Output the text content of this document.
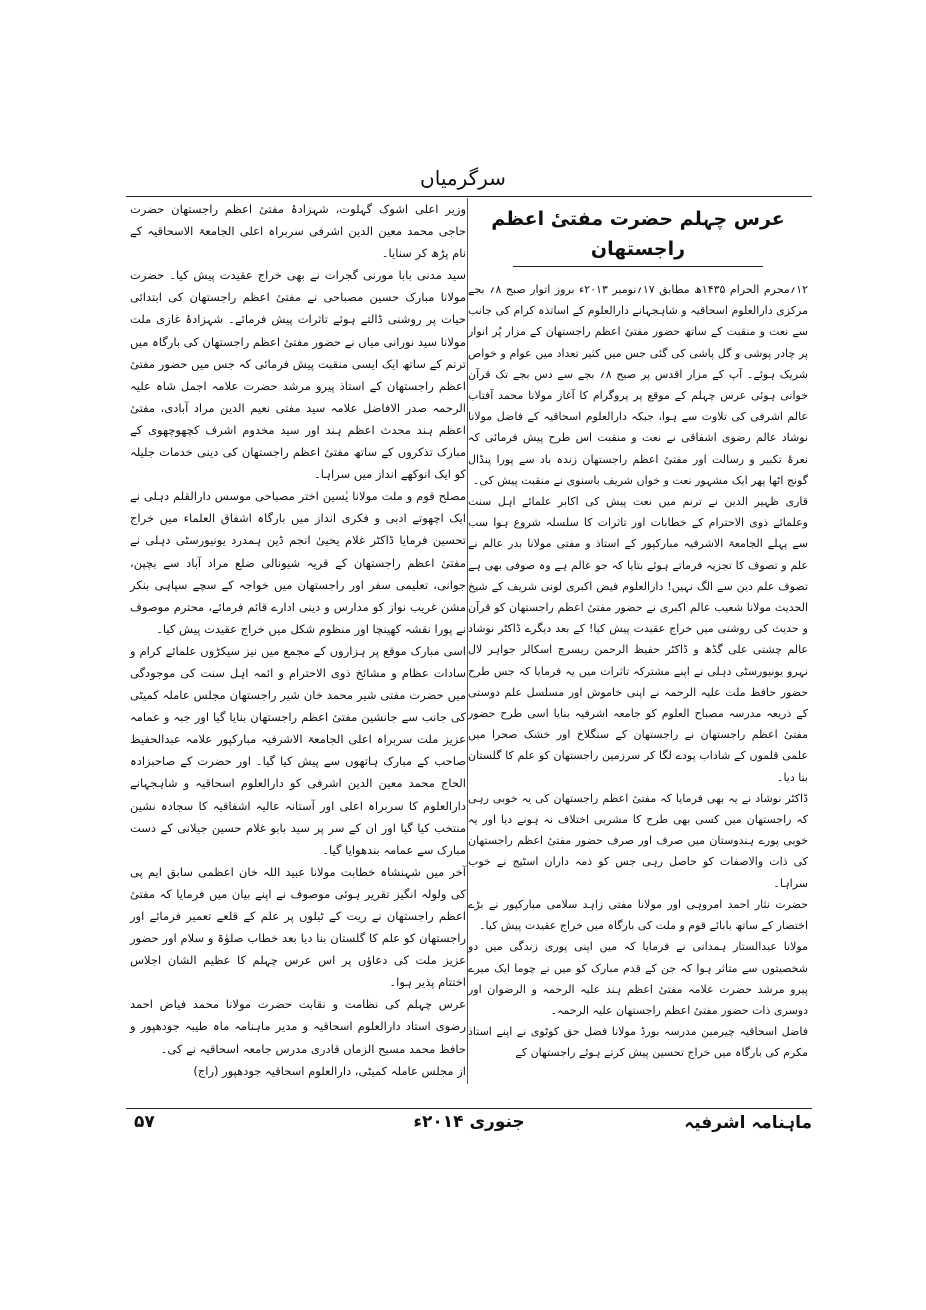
سرگرمیاں
عرس چہلم حضرت مفتیٔ اعظم راجستھان

۱۲؍محرم الحرام ۱۴۳۵ھ مطابق ۱۷؍نومبر ۲۰۱۳ء بروز اتوار صبح ۸؍ بجے مرکزی دارالعلوم اسحاقیہ و شاہجہانے دارالعلوم کے اساتذہ کرام کی جانب سے نعت و منقبت کے ساتھ حضور مفتیٔ اعظم راجستھان کے مزار پُر انوار پر چادر پوشی و گل پاشی کی گئی جس میں کثیر تعداد میں عوام و خواص شریک ہوئے۔ آپ کے مزار اقدس پر صبح ۸؍ بجے سے دس بجے تک قرآن خوانی ہوئی عرس چہلم کے موقع پر پروگرام کا آغاز مولانا محمد آفتاب عالم اشرفی کی تلاوت سے ہوا، جبکہ دارالعلوم اسحاقیہ کے فاضل مولانا نوشاد عالم رضوی اشفاقی نے نعت و منقبت اس طرح پیش فرمائی کہ نعرۂ تکبیر و رسالت اور مفتیٔ اعظم راجستھان زندہ باد سے پورا پنڈال گونج اٹھا پھر ایک مشہور نعت و خواں شریف باسنوی نے منقبت پیش کی۔

قاری ظہیر الدین نے ترنم میں نعت پیش کی اکابر علمائے اہل سنت وعلمائے ذوی الاحترام کے خطابات اور تاثرات کا سلسلہ شروع ہوا سب سے پہلے الجامعۃ الاشرفیہ مبارکپور کے استاذ و مفتی مولانا بدر عالم نے علم و تصوف کا تجزیہ فرماتے ہوئے بتایا کہ جو عالم ہے وہ صوفی بھی ہے تصوف علم دین سے الگ نہیں! دارالعلوم فیض اکبری لونی شریف کے شیخ الحدیث مولانا شعیب عالم اکبری نے حضور مفتیٔ اعظم راجستھان کو قرآن و حدیث کی روشنی میں خراج عقیدت پیش کیا! کے بعد دیگرے ڈاکٹر نوشاد عالم چشتی علی گڈھ و ڈاکٹر حفیظ الرحمن ریسرچ اسکالر جواہر لال نہرو یونیورسٹی دہلی نے اپنے مشترکہ تاثرات میں یہ فرمایا کہ جس طرح حضور حافظ ملت علیہ الرحمہ نے اپنی خاموش اور مسلسل علم دوستی کے ذریعہ مدرسہ مصباح العلوم کو جامعہ اشرفیہ بنایا اسی طرح حضور مفتیٔ اعظم راجستھان نے راجستھان کے سنگلاخ اور خشک صحرا میں علمی قلموں کے شاداب پودے لگا کر سرزمین راجستھان کو علم کا گلستان بنا دیا۔

ڈاکٹر نوشاد نے یہ بھی فرمایا کہ مفتیٔ اعظم راجستھان کی یہ خوبی رہی کہ راجستھان میں کسی بھی طرح کا مشربی اختلاف نہ ہونے دیا اور یہ خوبی پورے ہندوستان میں صرف اور صرف حضور مفتیٔ اعظم راجستھان کی ذات والاصفات کو حاصل رہی جس کو ذمہ داران اسٹیج نے خوب سراہا۔

حضرت نثار احمد امروہی اور مولانا مفتی زاہد سلامی مبارکپور نے بڑے اختصار کے ساتھ بابائے قوم و ملت کی بارگاہ میں خراج عقیدت پیش کیا۔

مولانا عبدالستار ہمدانی نے فرمایا کہ میں اپنی پوری زندگی میں دو شخصیتوں سے متاثر ہوا کہ جن کے قدم مبارک کو میں نے چوما ایک میرے پیرو مرشد حضرت علامہ مفتیٔ اعظم ہند علیہ الرحمہ و الرضوان اور دوسری ذات حضور مفتیٔ اعظم راجستھان علیہ الرحمہ۔

فاضل اسحاقیہ چیرمین مدرسہ بورڈ مولانا فضل حق کوٹوی نے اپنے استاذ مکرم کی بارگاہ میں خراج تحسین پیش کرتے ہوئے راجستھان کے

وزیر اعلی اشوک گہلوت، شہزادۂ مفتیٔ اعظم راجستھان حضرت حاجی محمد معین الدین اشرفی سربراہ اعلی الجامعۃ الاسحاقیہ کے نام پڑھ کر سنایا۔

سید مدنی بابا مورنی گجرات نے بھی خراج عقیدت پیش کیا۔ حضرت مولانا مبارک حسین مصباحی نے مفتیٔ اعظم راجستھان کی ابتدائی حیات پر روشنی ڈالتے ہوئے تاثرات پیش فرمائے۔ شہزادۂ غازی ملت مولانا سید نورانی میاں نے حضور مفتیٔ اعظم راجستھان کی بارگاہ میں ترنم کے ساتھ ایک ایسی منقبت پیش فرمائی کہ جس میں حضور مفتیٔ اعظم راجستھان کے استاذ پیرو مرشد حضرت علامہ اجمل شاہ علیہ الرحمہ صدر الافاضل علامہ سید مفتی نعیم الدین مراد آبادی، مفتیٔ اعظم ہند محدث اعظم ہند اور سید مخدوم اشرف کچھوچھوی کے مبارک تذکروں کے ساتھ مفتیٔ اعظم راجستھان کی دینی خدمات جلیلہ کو ایک انوکھے انداز میں سراہا۔

مصلح قوم و ملت مولانا یٰسین اختر مصباحی موسس دارالقلم دہلی نے ایک اچھوتے ادبی و فکری انداز میں بارگاہ اشفاق العلماء میں خراج تحسین فرمایا ڈاکٹر غلام یحییٰ انجم ڈین ہمدرد یونیورسٹی دہلی نے مفتیٔ اعظم راجستھان کے قریہ شیونالی ضلع مراد آباد سے بچپن، جوانی، تعلیمی سفر اور راجستھان میں خواجہ کے سچے سپاہی بنکر مشن غریب نواز کو مدارس و دینی ادارے قائم فرمائے، محترم موصوف نے پورا نقشہ کھینچا اور منظوم شکل میں خراج عقیدت پیش کیا۔

اسی مبارک موقع پر ہزاروں کے مجمع میں نیز سیکڑوں علمائے کرام و سادات عظام و مشائخ ذوی الاحترام و ائمہ اہل سنت کی موجودگی میں حضرت مفتی شیر محمد خان شیر راجستھان مجلس عاملہ کمیٹی کی جانب سے جانشین مفتیٔ اعظم راجستھان بنایا گیا اور جبہ و عمامہ عزیز ملت سربراہ اعلی الجامعۃ الاشرفیہ مبارکپور علامہ عبدالحفیظ صاحب کے مبارک ہاتھوں سے پیش کیا گیا۔ اور حضرت کے صاحبزادہ الحاج محمد معین الدین اشرفی کو دارالعلوم اسحاقیہ و شاہجہانے دارالعلوم کا سربراہ اعلی اور آستانہ عالیہ اشفاقیہ کا سجادہ نشین منتخب کیا گیا اور ان کے سر پر سید بابو غلام حسین جیلانی کے دست مبارک سے عمامہ بندھوایا گیا۔

آخر میں شہنشاہ خطابت مولانا عبید اللہ خان اعظمی سابق ایم پی کی ولولہ انگیز تقریر ہوئی موصوف نے اپنے بیان میں فرمایا کہ مفتیٔ اعظم راجستھان نے ریت کے ٹیلوں پر علم کے قلعے تعمیر فرمائے اور راجستھان کو علم کا گلستان بنا دیا بعد خطاب صلوٰۃ و سلام اور حضور عزیز ملت کی دعاؤں پر اس عرس چہلم کا عظیم الشان اجلاس اختتام پذیر ہوا۔

عرس چہلم کی نظامت و نقابت حضرت مولانا محمد فیاض احمد رضوی استاد دارالعلوم اسحاقیہ و مدیر ماہنامہ ماہ طیبہ جودھپور و حافظ محمد مسیح الزماں قادری مدرس جامعہ اسحاقیہ نے کی۔

از مجلس عاملہ کمیٹی، دارالعلوم اسحاقیہ جودھپور (راج)

ماہنامہ اشرفیہ
جنوری ۲۰۱۴ء
۵۷
